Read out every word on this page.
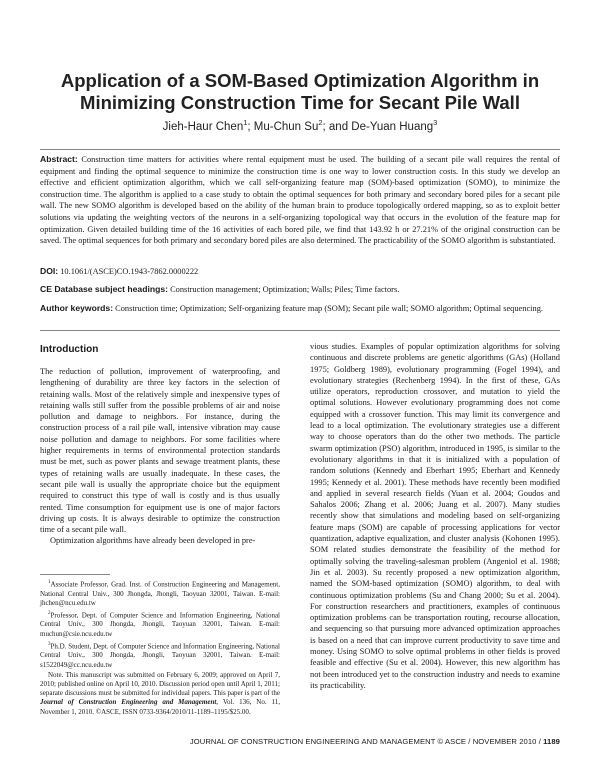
Application of a SOM-Based Optimization Algorithm in Minimizing Construction Time for Secant Pile Wall
Jieh-Haur Chen$^1$; Mu-Chun Su$^2$; and De-Yuan Huang$^3$
Abstract: Construction time matters for activities where rental equipment must be used. The building of a secant pile wall requires the rental of equipment and finding the optimal sequence to minimize the construction time is one way to lower construction costs. In this study we develop an effective and efficient optimization algorithm, which we call self-organizing feature map (SOM)-based optimization (SOMO), to minimize the construction time. The algorithm is applied to a case study to obtain the optimal sequences for both primary and secondary bored piles for a secant pile wall. The new SOMO algorithm is developed based on the ability of the human brain to produce topologically ordered mapping, so as to exploit better solutions via updating the weighting vectors of the neurons in a self-organizing topological way that occurs in the evolution of the feature map for optimization. Given detailed building time of the 16 activities of each bored pile, we find that 143.92 h or 27.21% of the original construction can be saved. The optimal sequences for both primary and secondary bored piles are also determined. The practicability of the SOMO algorithm is substantiated.
DOI: 10.1061/(ASCE)CO.1943-7862.0000222
CE Database subject headings: Construction management; Optimization; Walls; Piles; Time factors.
Author keywords: Construction time; Optimization; Self-organizing feature map (SOM); Secant pile wall; SOMO algorithm; Optimal sequencing.
Introduction

The reduction of pollution, improvement of waterproofing, and lengthening of durability are three key factors in the selection of retaining walls. Most of the relatively simple and inexpensive types of retaining walls still suffer from the possible problems of air and noise pollution and damage to neighbors. For instance, during the construction process of a rail pile wall, intensive vibration may cause noise pollution and damage to neighbors. For some facilities where higher requirements in terms of environmental protection standards must be met, such as power plants and sewage treatment plants, these types of retaining walls are usually inadequate. In these cases, the secant pile wall is usually the appropriate choice but the equipment required to construct this type of wall is costly and is thus usually rented. Time consumption for equipment use is one of major factors driving up costs. It is always desirable to optimize the construction time of a secant pile wall.

Optimization algorithms have already been developed in pre-

vious studies. Examples of popular optimization algorithms for solving continuous and discrete problems are genetic algorithms (GAs) (Holland 1975; Goldberg 1989), evolutionary programming (Fogel 1994), and evolutionary strategies (Rechenberg 1994). In the first of these, GAs utilize operators, reproduction crossover, and mutation to yield the optimal solutions. However evolutionary programming does not come equipped with a crossover function. This may limit its convergence and lead to a local optimization. The evolutionary strategies use a different way to choose operators than do the other two methods. The particle swarm optimization (PSO) algorithm, introduced in 1995, is similar to the evolutionary algorithms in that it is initialized with a population of random solutions (Kennedy and Eberhart 1995; Eberhart and Kennedy 1995; Kennedy et al. 2001). These methods have recently been modified and applied in several research fields (Yuan et al. 2004; Goudos and Sahalos 2006; Zhang et al. 2006; Juang et al. 2007). Many studies recently show that simulations and modeling based on self-organizing feature maps (SOM) are capable of processing applications for vector quantization, adaptive equalization, and cluster analysis (Kohonen 1995). SOM related studies demonstrate the feasibility of the method for optimally solving the traveling-salesman problem (Angeniol et al. 1988; Jin et al. 2003). Su recently proposed a new optimization algorithm, named the SOM-based optimization (SOMO) algorithm, to deal with continuous optimization problems (Su and Chang 2000; Su et al. 2004). For construction researchers and practitioners, examples of continuous optimization problems can be transportation routing, recourse allocation, and sequencing so that pursuing more advanced optimization approaches is based on a need that can improve current productivity to save time and money. Using SOMO to solve optimal problems in other fields is proved feasible and effective (Su et al. 2004). However, this new algorithm has not been introduced yet to the construction industry and needs to examine its practicability.

$^1$Associate Professor, Grad. Inst. of Construction Engineering and Management, National Central Univ., 300 Jhongda, Jhongli, Taoyuan 32001, Taiwan. E-mail: jhchen@ncu.edu.tw

$^2$Professor, Dept. of Computer Science and Information Engineering, National Central Univ., 300 Jhongda, Jhongli, Taoyuan 32001, Taiwan. E-mail: muchun@csie.ncu.edu.tw

$^3$Ph.D. Student, Dept. of Computer Science and Information Engineering, National Central Univ., 300 Jhongda, Jhongli, Taoyuan 32001, Taiwan. E-mail: s1522049@cc.ncu.edu.tw

Note. This manuscript was submitted on February 6, 2009; approved on April 7, 2010; published online on April 10, 2010. Discussion period open until April 1, 2011; separate discussions must be submitted for individual papers. This paper is part of the Journal of Construction Engineering and Management, Vol. 136, No. 11, November 1, 2010. ©ASCE, ISSN 0733-9364/2010/11-1189–1195/$25.00.

JOURNAL OF CONSTRUCTION ENGINEERING AND MANAGEMENT © ASCE / NOVEMBER 2010 / 1189
